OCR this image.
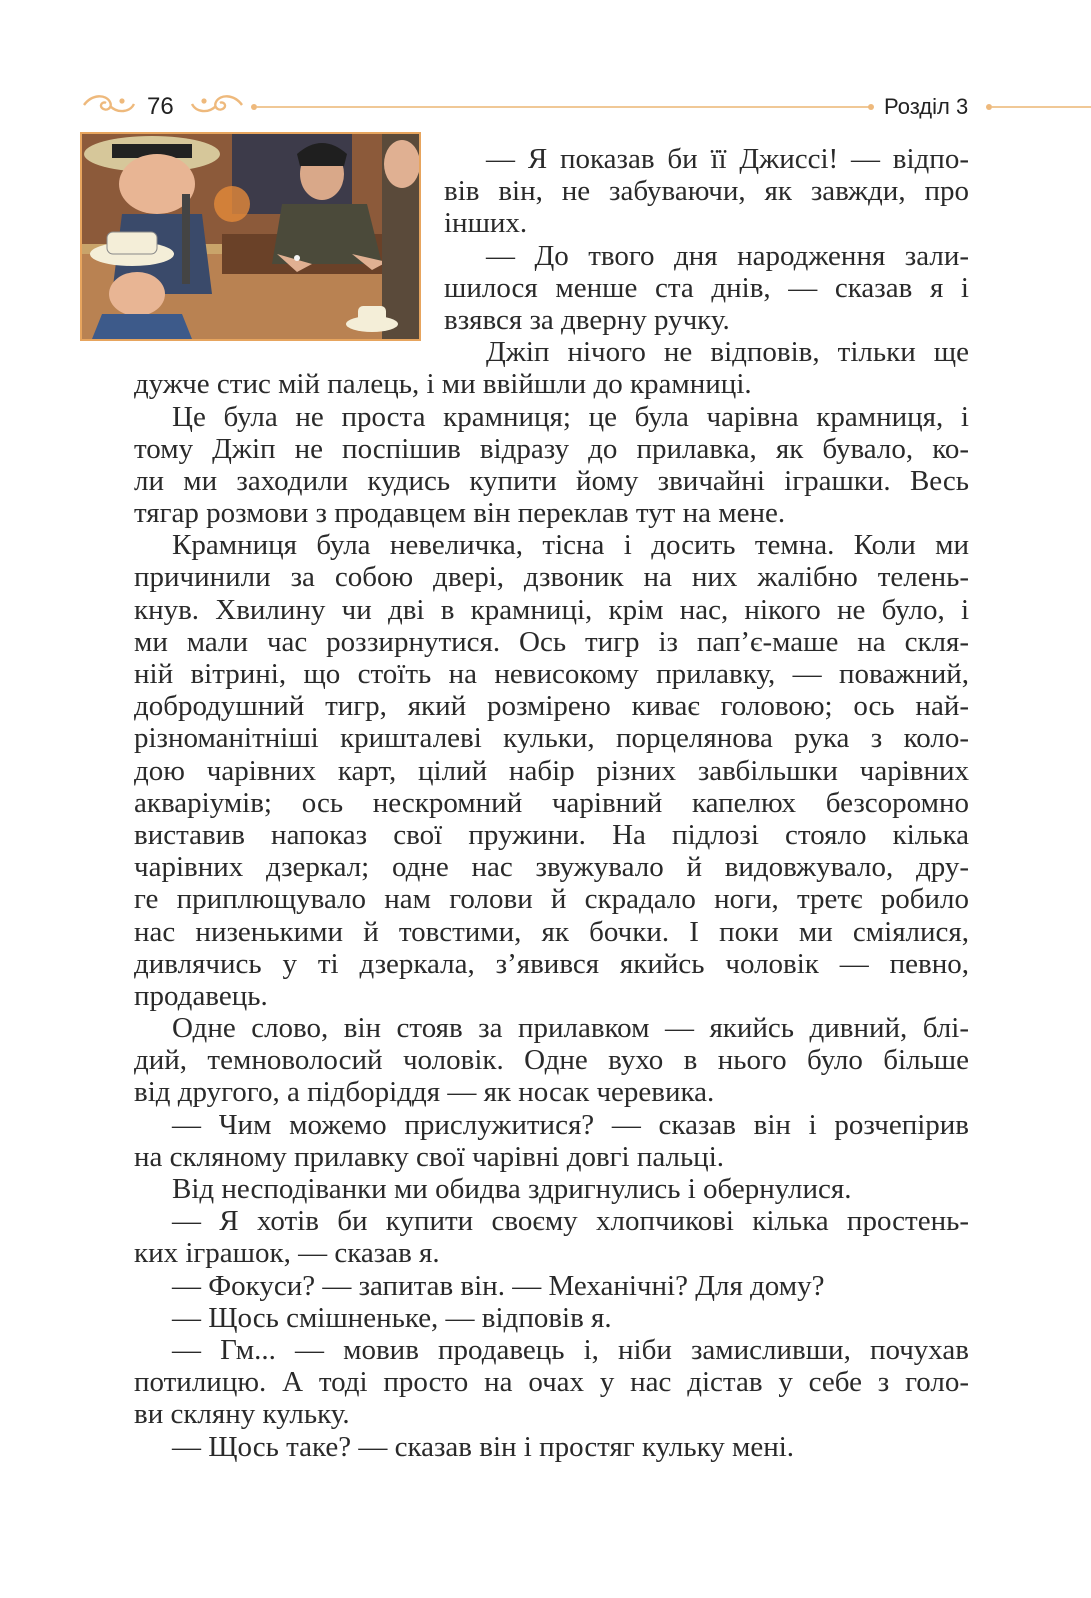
76	Розділ 3
— Я показав би її Джиссі! — відпо-
вів він, не забуваючи, як завжди, про
інших.
— До твого дня народження зали-
шилося менше ста днів, — сказав я і
взявся за дверну ручку.
Джіп нічого не відповів, тільки ще
дужче стис мій палець, і ми ввійшли до крамниці.
Це була не проста крамниця; це була чарівна крамниця, і
тому Джіп не поспішив відразу до прилавка, як бувало, ко-
ли ми заходили кудись купити йому звичайні іграшки. Весь
тягар розмови з продавцем він переклав тут на мене.
Крамниця була невеличка, тісна і досить темна. Коли ми
причинили за собою двері, дзвоник на них жалібно телень-
кнув. Хвилину чи дві в крамниці, крім нас, нікого не було, і
ми мали час роззирнутися. Ось тигр із пап’є-маше на скля-
ній вітрині, що стоїть на невисокому прилавку, — поважний,
добродушний тигр, який розмірено киває головою; ось най-
різноманітніші кришталеві кульки, порцелянова рука з коло-
дою чарівних карт, цілий набір різних завбільшки чарівних
акваріумів; ось нескромний чарівний капелюх безсоромно
виставив напоказ свої пружини. На підлозі стояло кілька
чарівних дзеркал; одне нас звужувало й видовжувало, дру-
ге приплющувало нам голови й скрадало ноги, третє робило
нас низенькими й товстими, як бочки. І поки ми сміялися,
дивлячись у ті дзеркала, з’явився якийсь чоловік — певно,
продавець.
Одне слово, він стояв за прилавком — якийсь дивний, блі-
дий, темноволосий чоловік. Одне вухо в нього було більше
від другого, а підборіддя — як носак черевика.
— Чим можемо прислужитися? — сказав він і розчепірив
на скляному прилавку свої чарівні довгі пальці.
Від несподіванки ми обидва здригнулись і обернулися.
— Я хотів би купити своєму хлопчикові кілька простень-
ких іграшок, — сказав я.
— Фокуси? — запитав він. — Механічні? Для дому?
— Щось смішненьке, — відповів я.
— Гм... — мовив продавець і, ніби замисливши, почухав
потилицю. А тоді просто на очах у нас дістав у себе з голо-
ви скляну кульку.
— Щось таке? — сказав він і простяг кульку мені.
